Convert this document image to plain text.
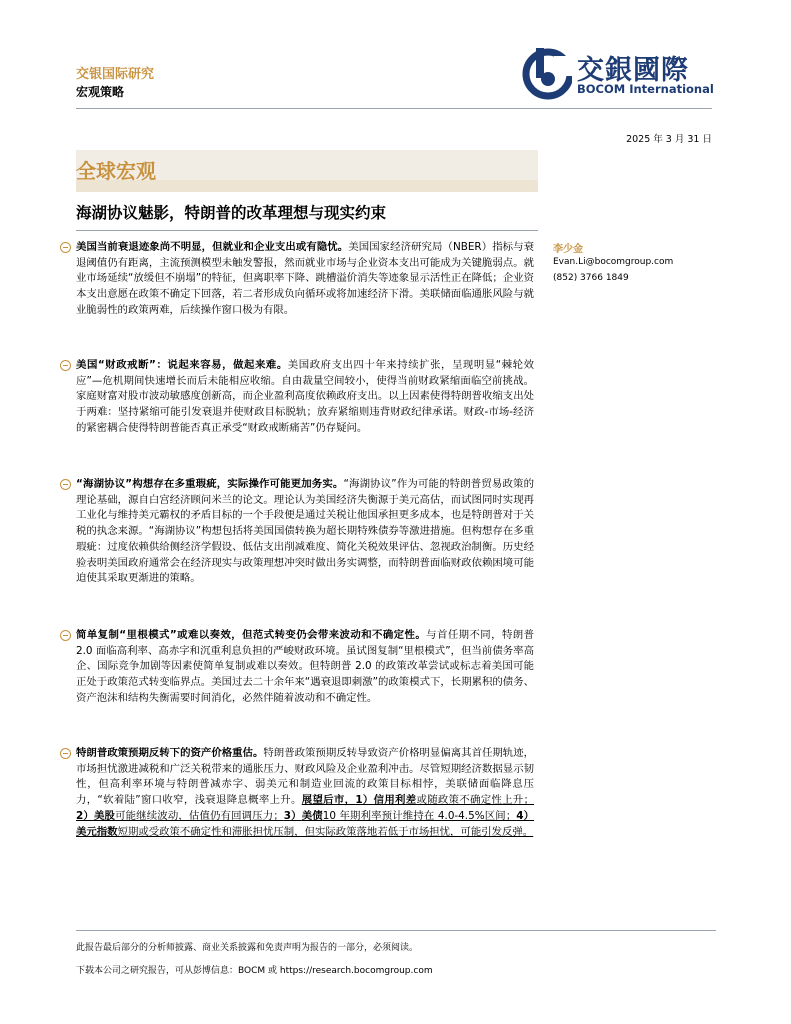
交银国际研究
宏观策略
交銀國際
BOCOM International
2025 年 3 月 31 日
全球宏观
海湖协议魅影，特朗普的改革理想与现实约束
李少金
Evan.Li@bocomgroup.com
(852) 3766 1849
美国当前衰退迹象尚不明显，但就业和企业支出或有隐忧。美国国家经济研究局（NBER）指标与衰退阈值仍有距离，主流预测模型未触发警报，然而就业市场与企业资本支出可能成为关键脆弱点。就业市场延续“放缓但不崩塌”的特征，但离职率下降、跳槽溢价消失等迹象显示活性正在降低；企业资本支出意愿在政策不确定下回落，若二者形成负向循环或将加速经济下滑。美联储面临通胀风险与就业脆弱性的政策两难，后续操作窗口极为有限。
美国“财政戒断”：说起来容易，做起来难。美国政府支出四十年来持续扩张，呈现明显“棘轮效应”—危机期间快速增长而后未能相应收缩。自由裁量空间较小，使得当前财政紧缩面临空前挑战。家庭财富对股市波动敏感度创新高，而企业盈利高度依赖政府支出。以上因素使得特朗普收缩支出处于两难：坚持紧缩可能引发衰退并使财政目标脱轨；放弃紧缩则违背财政纪律承诺。财政-市场-经济的紧密耦合使得特朗普能否真正承受“财政戒断痛苦”仍存疑问。
“海湖协议”构想存在多重瑕疵，实际操作可能更加务实。“海湖协议”作为可能的特朗普贸易政策的理论基础，源自白宫经济顾问米兰的论文。理论认为美国经济失衡源于美元高估，而试图同时实现再工业化与维持美元霸权的矛盾目标的一个手段便是通过关税让他国承担更多成本，也是特朗普对于关税的执念来源。“海湖协议”构想包括将美国国债转换为超长期特殊债券等激进措施。但构想存在多重瑕疵：过度依赖供给侧经济学假设、低估支出削减难度、简化关税效果评估、忽视政治制衡。历史经验表明美国政府通常会在经济现实与政策理想冲突时做出务实调整，而特朗普面临财政依赖困境可能迫使其采取更渐进的策略。
简单复制“里根模式”或难以奏效，但范式转变仍会带来波动和不确定性。与首任期不同，特朗普 2.0 面临高利率、高赤字和沉重利息负担的严峻财政环境。虽试图复制“里根模式”，但当前债务率高企、国际竞争加剧等因素使简单复制或难以奏效。但特朗普 2.0 的政策改革尝试或标志着美国可能正处于政策范式转变临界点。美国过去二十余年来“遇衰退即刺激”的政策模式下，长期累积的债务、资产泡沫和结构失衡需要时间消化，必然伴随着波动和不确定性。
特朗普政策预期反转下的资产价格重估。特朗普政策预期反转导致资产价格明显偏离其首任期轨迹，市场担忧激进减税和广泛关税带来的通胀压力、财政风险及企业盈利冲击。尽管短期经济数据显示韧性，但高利率环境与特朗普减赤字、弱美元和制造业回流的政策目标相悖，美联储面临降息压力，“软着陆”窗口收窄，浅衰退降息概率上升。展望后市，1）信用利差或随政策不确定性上升；2）美股可能继续波动，估值仍有回调压力；3）美债10 年期利率预计维持在 4.0-4.5%区间；4）美元指数短期或受政策不确定性和滞胀担忧压制，但实际政策落地若低于市场担忧，可能引发反弹。
此报告最后部分的分析师披露、商业关系披露和免责声明为报告的一部分，必须阅读。
下载本公司之研究报告，可从彭博信息：BOCM 或 https://research.bocomgroup.com
